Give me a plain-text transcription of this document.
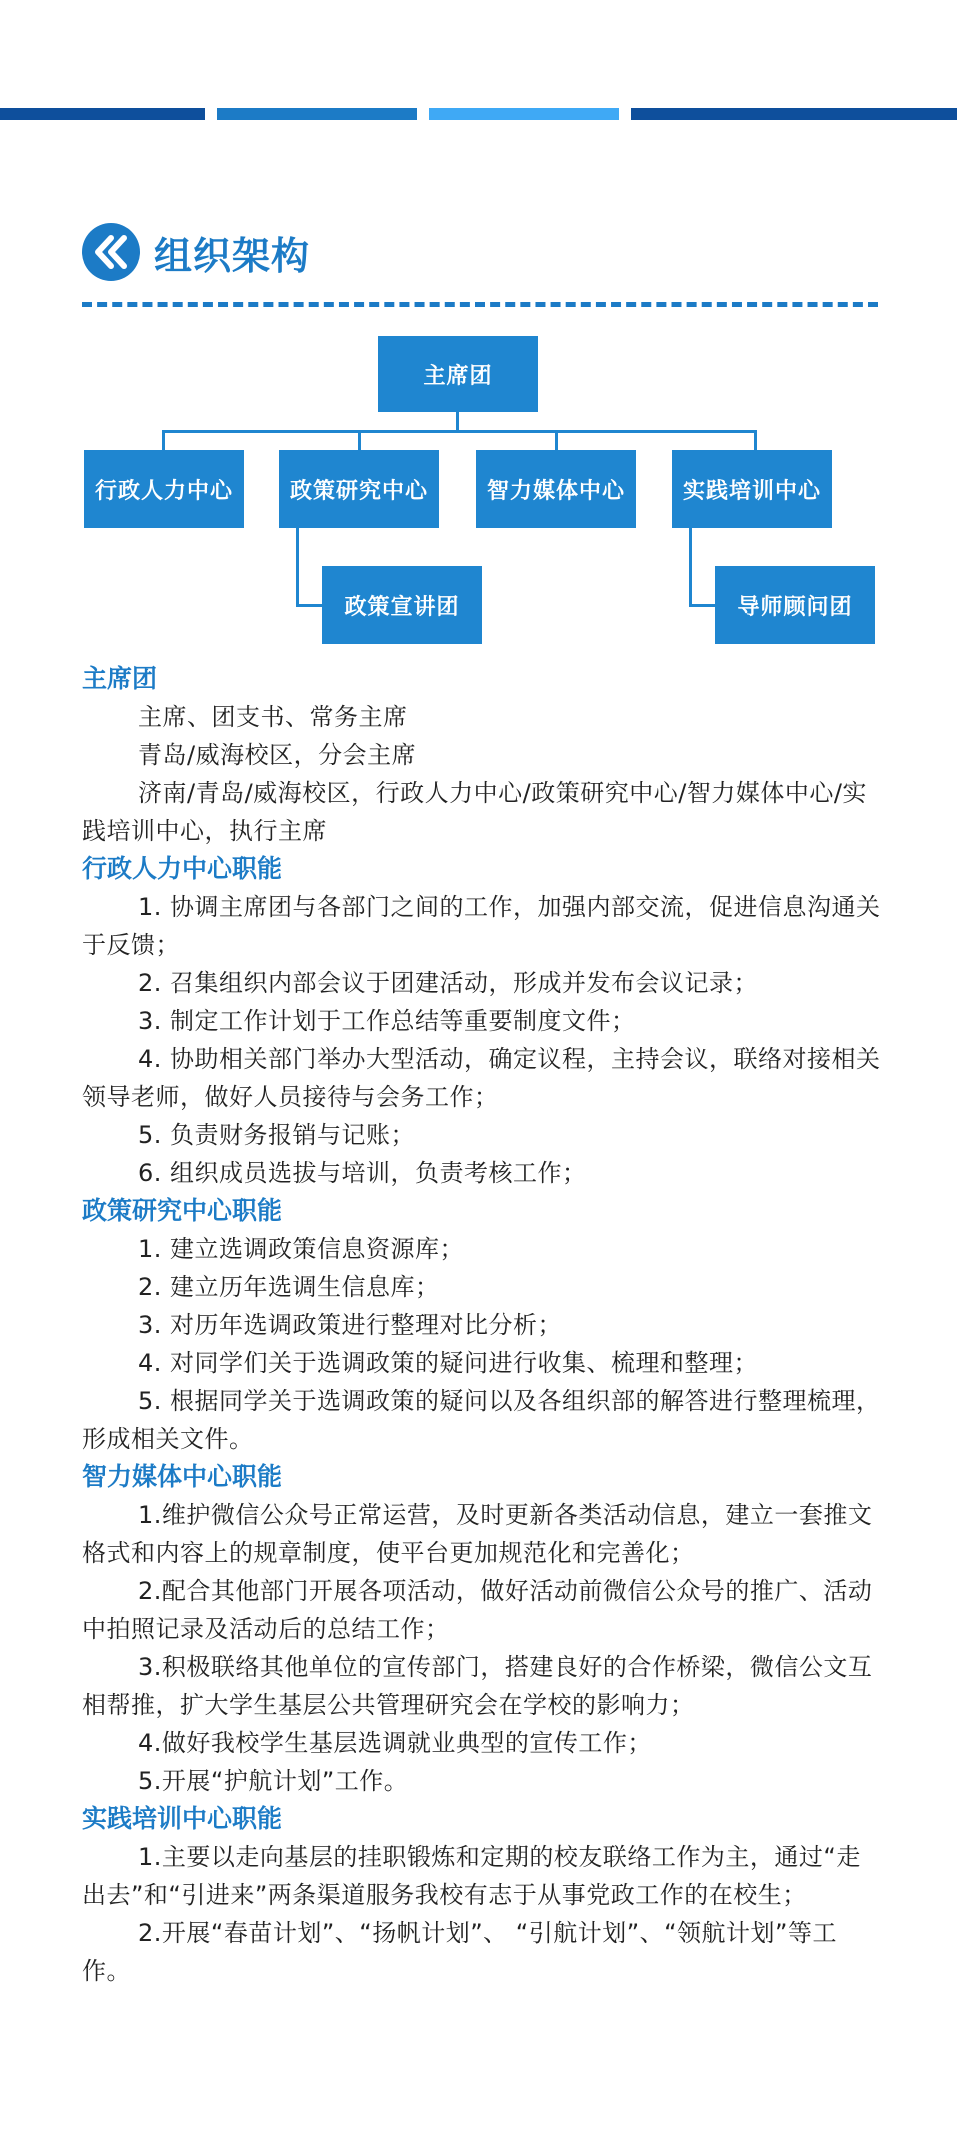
组织架构
主席团
行政人力中心	政策研究中心	智力媒体中心	实践培训中心
政策宣讲团	导师顾问团

主席团

主席、团支书、常务主席

青岛/威海校区，分会主席

济南/青岛/威海校区，行政人力中心/政策研究中心/智力媒体中心/实践培训中心，执行主席

行政人力中心职能

1. 协调主席团与各部门之间的工作，加强内部交流，促进信息沟通关于反馈；

2. 召集组织内部会议于团建活动，形成并发布会议记录；

3. 制定工作计划于工作总结等重要制度文件；

4. 协助相关部门举办大型活动，确定议程，主持会议，联络对接相关领导老师，做好人员接待与会务工作；

5. 负责财务报销与记账；

6. 组织成员选拔与培训，负责考核工作；

政策研究中心职能

1. 建立选调政策信息资源库；

2. 建立历年选调生信息库；

3. 对历年选调政策进行整理对比分析；

4. 对同学们关于选调政策的疑问进行收集、梳理和整理；

5. 根据同学关于选调政策的疑问以及各组织部的解答进行整理梳理，形成相关文件。

智力媒体中心职能

1.维护微信公众号正常运营，及时更新各类活动信息，建立一套推文格式和内容上的规章制度，使平台更加规范化和完善化；

2.配合其他部门开展各项活动，做好活动前微信公众号的推广、活动中拍照记录及活动后的总结工作；

3.积极联络其他单位的宣传部门，搭建良好的合作桥梁，微信公文互相帮推，扩大学生基层公共管理研究会在学校的影响力；

4.做好我校学生基层选调就业典型的宣传工作；

5.开展“护航计划”工作。

实践培训中心职能

1.主要以走向基层的挂职锻炼和定期的校友联络工作为主，通过“走出去”和“引进来”两条渠道服务我校有志于从事党政工作的在校生；

2.开展“春苗计划”、“扬帆计划”、 “引航计划”、“领航计划”等工作。
